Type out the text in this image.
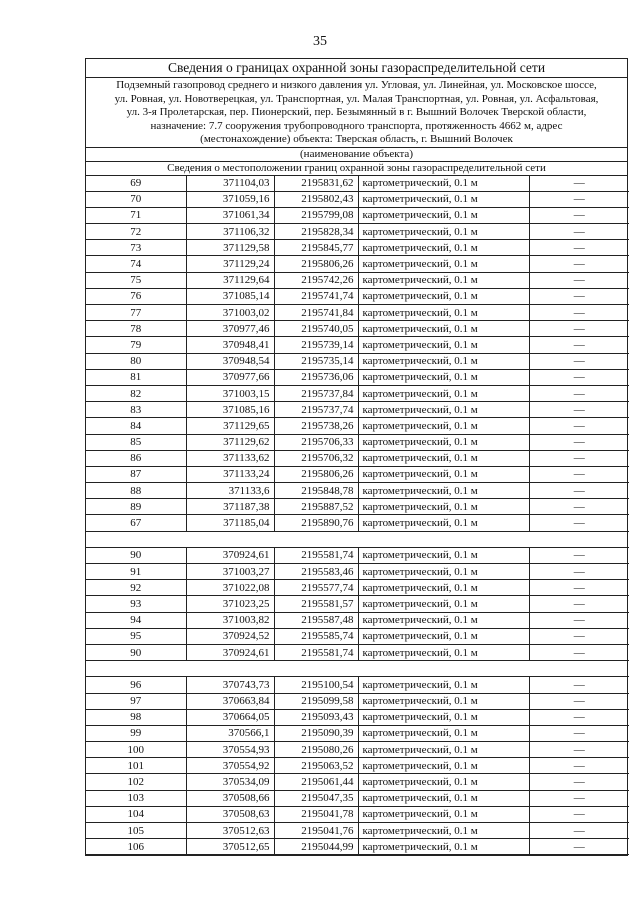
35
Сведения о границах охранной зоны газораспределительной сети
Подземный газопровод среднего и низкого давления ул. Угловая, ул. Линейная, ул. Московское шоссе,
ул. Ровная, ул. Новотверецкая, ул. Транспортная, ул. Малая Транспортная, ул. Ровная, ул. Асфальтовая,
ул. 3-я Пролетарская, пер. Пионерский, пер. Безымянный в г. Вышний Волочек Тверской области,
назначение: 7.7 сооружения трубопроводного транспорта, протяженность 4662 м, адрес
(местонахождение) объекта: Тверская область, г. Вышний Волочек
(наименование объекта)
Сведения о местоположении границ охранной зоны газораспределительной сети
69	371104,03	2195831,62	картометрический, 0.1 м	—
70	371059,16	2195802,43	картометрический, 0.1 м	—
71	371061,34	2195799,08	картометрический, 0.1 м	—
72	371106,32	2195828,34	картометрический, 0.1 м	—
73	371129,58	2195845,77	картометрический, 0.1 м	—
74	371129,24	2195806,26	картометрический, 0.1 м	—
75	371129,64	2195742,26	картометрический, 0.1 м	—
76	371085,14	2195741,74	картометрический, 0.1 м	—
77	371003,02	2195741,84	картометрический, 0.1 м	—
78	370977,46	2195740,05	картометрический, 0.1 м	—
79	370948,41	2195739,14	картометрический, 0.1 м	—
80	370948,54	2195735,14	картометрический, 0.1 м	—
81	370977,66	2195736,06	картометрический, 0.1 м	—
82	371003,15	2195737,84	картометрический, 0.1 м	—
83	371085,16	2195737,74	картометрический, 0.1 м	—
84	371129,65	2195738,26	картометрический, 0.1 м	—
85	371129,62	2195706,33	картометрический, 0.1 м	—
86	371133,62	2195706,32	картометрический, 0.1 м	—
87	371133,24	2195806,26	картометрический, 0.1 м	—
88	371133,6	2195848,78	картометрический, 0.1 м	—
89	371187,38	2195887,52	картометрический, 0.1 м	—
67	371185,04	2195890,76	картометрический, 0.1 м	—

90	370924,61	2195581,74	картометрический, 0.1 м	—
91	371003,27	2195583,46	картометрический, 0.1 м	—
92	371022,08	2195577,74	картометрический, 0.1 м	—
93	371023,25	2195581,57	картометрический, 0.1 м	—
94	371003,82	2195587,48	картометрический, 0.1 м	—
95	370924,52	2195585,74	картометрический, 0.1 м	—
90	370924,61	2195581,74	картометрический, 0.1 м	—

96	370743,73	2195100,54	картометрический, 0.1 м	—
97	370663,84	2195099,58	картометрический, 0.1 м	—
98	370664,05	2195093,43	картометрический, 0.1 м	—
99	370566,1	2195090,39	картометрический, 0.1 м	—
100	370554,93	2195080,26	картометрический, 0.1 м	—
101	370554,92	2195063,52	картометрический, 0.1 м	—
102	370534,09	2195061,44	картометрический, 0.1 м	—
103	370508,66	2195047,35	картометрический, 0.1 м	—
104	370508,63	2195041,78	картометрический, 0.1 м	—
105	370512,63	2195041,76	картометрический, 0.1 м	—
106	370512,65	2195044,99	картометрический, 0.1 м	—
